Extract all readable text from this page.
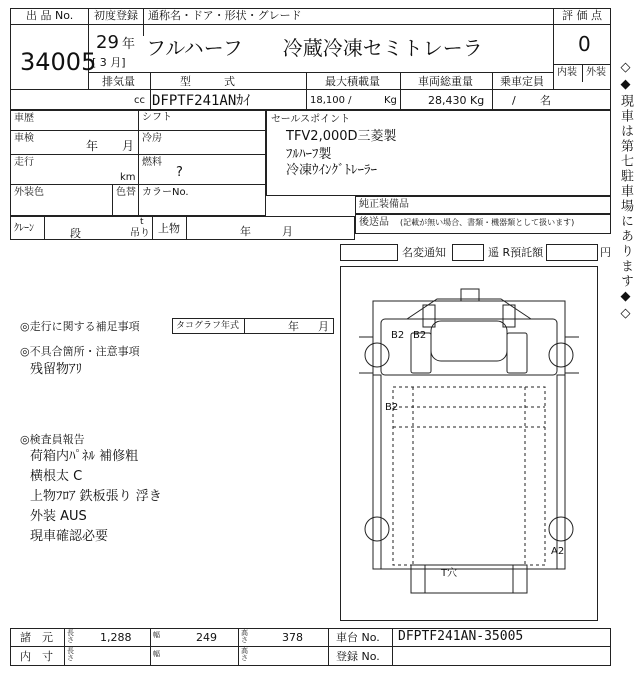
出 品 No.
34005
初度登録
29 年
[ 3 月]
通称名・ドア・形状・グレード
フルハーフ　　冷蔵冷凍セミトレーラ
評 価 点
0
内装 外装
排気量	型　　　式	最大積載量	車両総重量 乗車定員
cc DFPTF241ANｶｲ	18,100 /	Kg	28,430 Kg	/ 名
車歴	シフト
車検
年 月
冷房
走行
km
燃料
?
外装色	色替 カラーNo.
セールスポイント
TFV2,000D三菱製
ﾌﾙﾊｰﾌ製
冷凍ｳｲﾝｸﾞﾄﾚｰﾗｰ
純正装備品
後送品 (記載が無い場合、書類・機器類として扱います)
ｸﾚｰﾝ	段
t
吊り 上物	年	月
名変通知	遥 R預託額	円
◎走行に関する補足事項	タコグラフ年式	年 月
◎不具合箇所・注意事項
残留物ｱﾘ
◎検査員報告
荷箱内ﾊﾟﾈﾙ 補修粗
横根太 C
上物ﾌﾛｱ 鉄板張り 浮き
外装 AUS
現車確認必要
B2 B2
B2
A2
T穴
◇◆現車は第七駐車場にあります◆◇
諸　元 長さ 1,288	幅	249	高さ	378	車台 No. DFPTF241AN-35005
内　寸 長さ	幅	高さ	登録 No.
